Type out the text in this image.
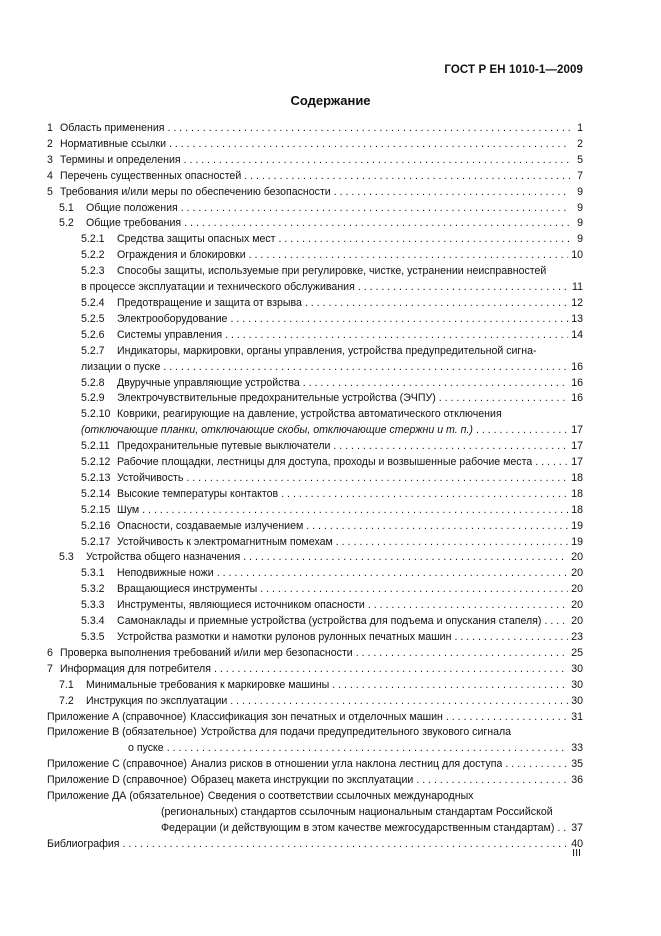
ГОСТ Р ЕН 1010-1—2009
Содержание
1 Область применения . . .	1
2 Нормативные ссылки . . .	2
3 Термины и определения . . .	5
4 Перечень существенных опасностей . . .	7
5 Требования и/или меры по обеспечению безопасности . . .	9
5.1	Общие положения . . .	9
5.2	Общие требования . . .	9
5.2.1	Средства защиты опасных мест . . .	9
5.2.2	Ограждения и блокировки . . .	10
5.2.3 Способы защиты, используемые при регулировке, чистке, устранении неисправностей
в процессе эксплуатации и технического обслуживания . . .	11
5.2.4	Предотвращение и защита от взрыва . . .	12
5.2.5	Электрооборудование . . .	13
5.2.6	Системы управления . . .	14
5.2.7 Индикаторы, маркировки, органы управления, устройства предупредительной сигна-
лизации о пуске . . .	16
5.2.8	Двуручные управляющие устройства . . .	16
5.2.9	Электрочувствительные предохранительные устройства (ЭЧПУ) . . .	16
5.2.10 Коврики, реагирующие на давление, устройства автоматического отключения
(отключающие планки, отключающие скобы, отключающие стержни и т. п.) . . .	17
5.2.11 Предохранительные путевые выключатели . . .	17
5.2.12 Рабочие площадки, лестницы для доступа, проходы и возвышенные рабочие места . . .	17
5.2.13 Устойчивость . . .	18
5.2.14 Высокие температуры контактов . . .	18
5.2.15 Шум . . .	18
5.2.16 Опасности, создаваемые излучением . . .	19
5.2.17 Устойчивость к электромагнитным помехам . . .	19
5.3	Устройства общего назначения . . .	20
5.3.1	Неподвижные ножи . . .	20
5.3.2	Вращающиеся инструменты . . .	20
5.3.3	Инструменты, являющиеся источником опасности . . .	20
5.3.4	Самонаклады и приемные устройства (устройства для подъема и опускания стапеля) . . .	20
5.3.5	Устройства размотки и намотки рулонов рулонных печатных машин . . .	23
6 Проверка выполнения требований и/или мер безопасности . . .	25
7 Информация для потребителя . . .	30
7.1	Минимальные требования к маркировке машины . . .	30
7.2	Инструкция по эксплуатации . . .	30
Приложение А (справочное) Классификация зон печатных и отделочных машин . . .	31
Приложение В (обязательное) Устройства для подачи предупредительного звукового сигнала
о пуске . . .	33
Приложение С (справочное) Анализ рисков в отношении угла наклона лестниц для доступа . . .	35
Приложение D (справочное) Образец макета инструкции по эксплуатации . . .	36
Приложение ДА (обязательное) Сведения о соответствии ссылочных международных
(региональных) стандартов ссылочным национальным стандартам Российской
Федерации (и действующим в этом качестве межгосударственным стандартам) . . . 37
Библиография . . .	40
III
